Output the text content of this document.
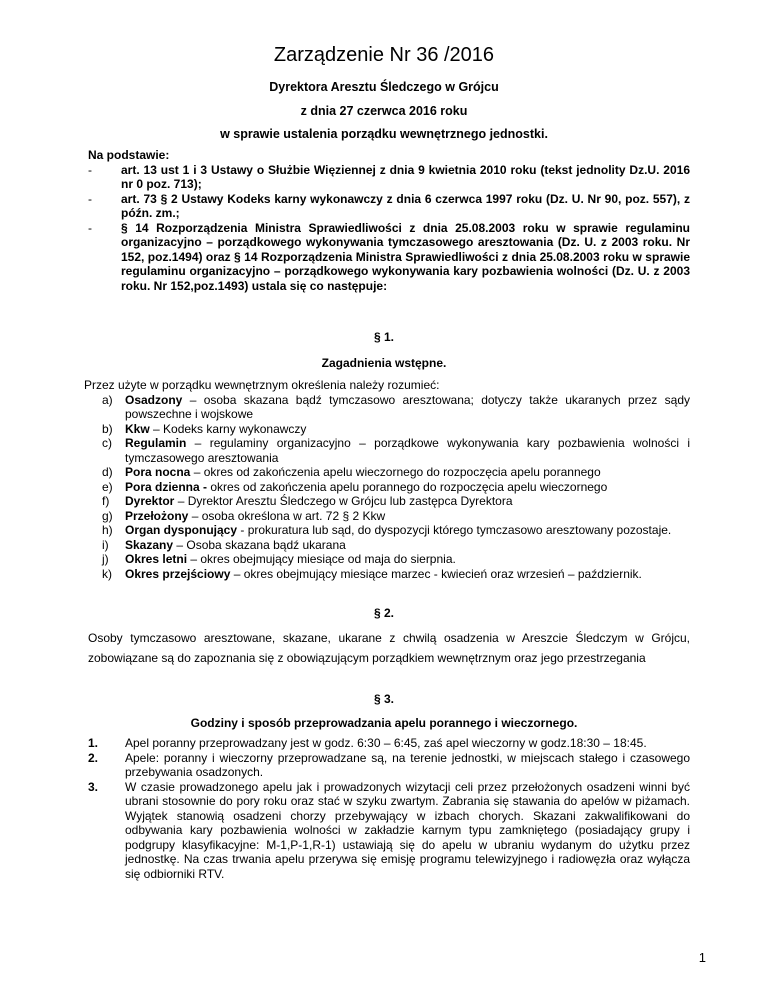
Zarządzenie Nr 36 /2016
Dyrektora Aresztu Śledczego w Grójcu
z dnia 27 czerwca 2016 roku
w sprawie ustalenia porządku wewnętrznego jednostki.
Na podstawie:
- art. 13 ust 1 i 3 Ustawy o Służbie Więziennej z dnia 9 kwietnia 2010 roku (tekst jednolity Dz.U. 2016 nr 0 poz. 713);
- art. 73 § 2 Ustawy Kodeks karny wykonawczy z dnia 6 czerwca 1997 roku (Dz. U. Nr 90, poz. 557), z późn. zm.;
- § 14 Rozporządzenia Ministra Sprawiedliwości z dnia 25.08.2003 roku w sprawie regulaminu organizacyjno – porządkowego wykonywania tymczasowego aresztowania (Dz. U. z 2003 roku. Nr 152, poz.1494) oraz § 14 Rozporządzenia Ministra Sprawiedliwości z dnia 25.08.2003 roku w sprawie regulaminu organizacyjno – porządkowego wykonywania kary pozbawienia wolności (Dz. U. z 2003 roku. Nr 152,poz.1493) ustala się co następuje:
§ 1.
Zagadnienia wstępne.
Przez użyte w porządku wewnętrznym określenia należy rozumieć:
a) Osadzony – osoba skazana bądź tymczasowo aresztowana; dotyczy także ukaranych przez sądy powszechne i wojskowe
b) Kkw – Kodeks karny wykonawczy
c) Regulamin – regulaminy organizacyjno – porządkowe wykonywania kary pozbawienia wolności i tymczasowego aresztowania
d) Pora nocna – okres od zakończenia apelu wieczornego do rozpoczęcia apelu porannego
e) Pora dzienna - okres od zakończenia apelu porannego do rozpoczęcia apelu wieczornego
f) Dyrektor – Dyrektor Aresztu Śledczego w Grójcu lub zastępca Dyrektora
g) Przełożony – osoba określona w art. 72 § 2 Kkw
h) Organ dysponujący - prokuratura lub sąd, do dyspozycji którego tymczasowo aresztowany pozostaje.
i) Skazany – Osoba skazana bądź ukarana
j) Okres letni – okres obejmujący miesiące od maja do sierpnia.
k) Okres przejściowy – okres obejmujący miesiące marzec - kwiecień oraz wrzesień – październik.
§ 2.
Osoby tymczasowo aresztowane, skazane, ukarane z chwilą osadzenia w Areszcie Śledczym w Grójcu, zobowiązane są do zapoznania się z obowiązującym porządkiem wewnętrznym oraz jego przestrzegania
§ 3.
Godziny i sposób przeprowadzania apelu porannego i wieczornego.
1. Apel poranny przeprowadzany jest w godz. 6:30 – 6:45, zaś apel wieczorny w godz.18:30 – 18:45.
2. Apele: poranny i wieczorny przeprowadzane są, na terenie jednostki, w miejscach stałego i czasowego przebywania osadzonych.
3. W czasie prowadzonego apelu jak i prowadzonych wizytacji celi przez przełożonych osadzeni winni być ubrani stosownie do pory roku oraz stać w szyku zwartym. Zabrania się stawania do apelów w piżamach. Wyjątek stanowią osadzeni chorzy przebywający w izbach chorych. Skazani zakwalifikowani do odbywania kary pozbawienia wolności w zakładzie karnym typu zamkniętego (posiadający grupy i podgrupy klasyfikacyjne: M-1,P-1,R-1) ustawiają się do apelu w ubraniu wydanym do użytku przez jednostkę. Na czas trwania apelu przerywa się emisję programu telewizyjnego i radiowęzła oraz wyłącza się odbiorniki RTV.
1
